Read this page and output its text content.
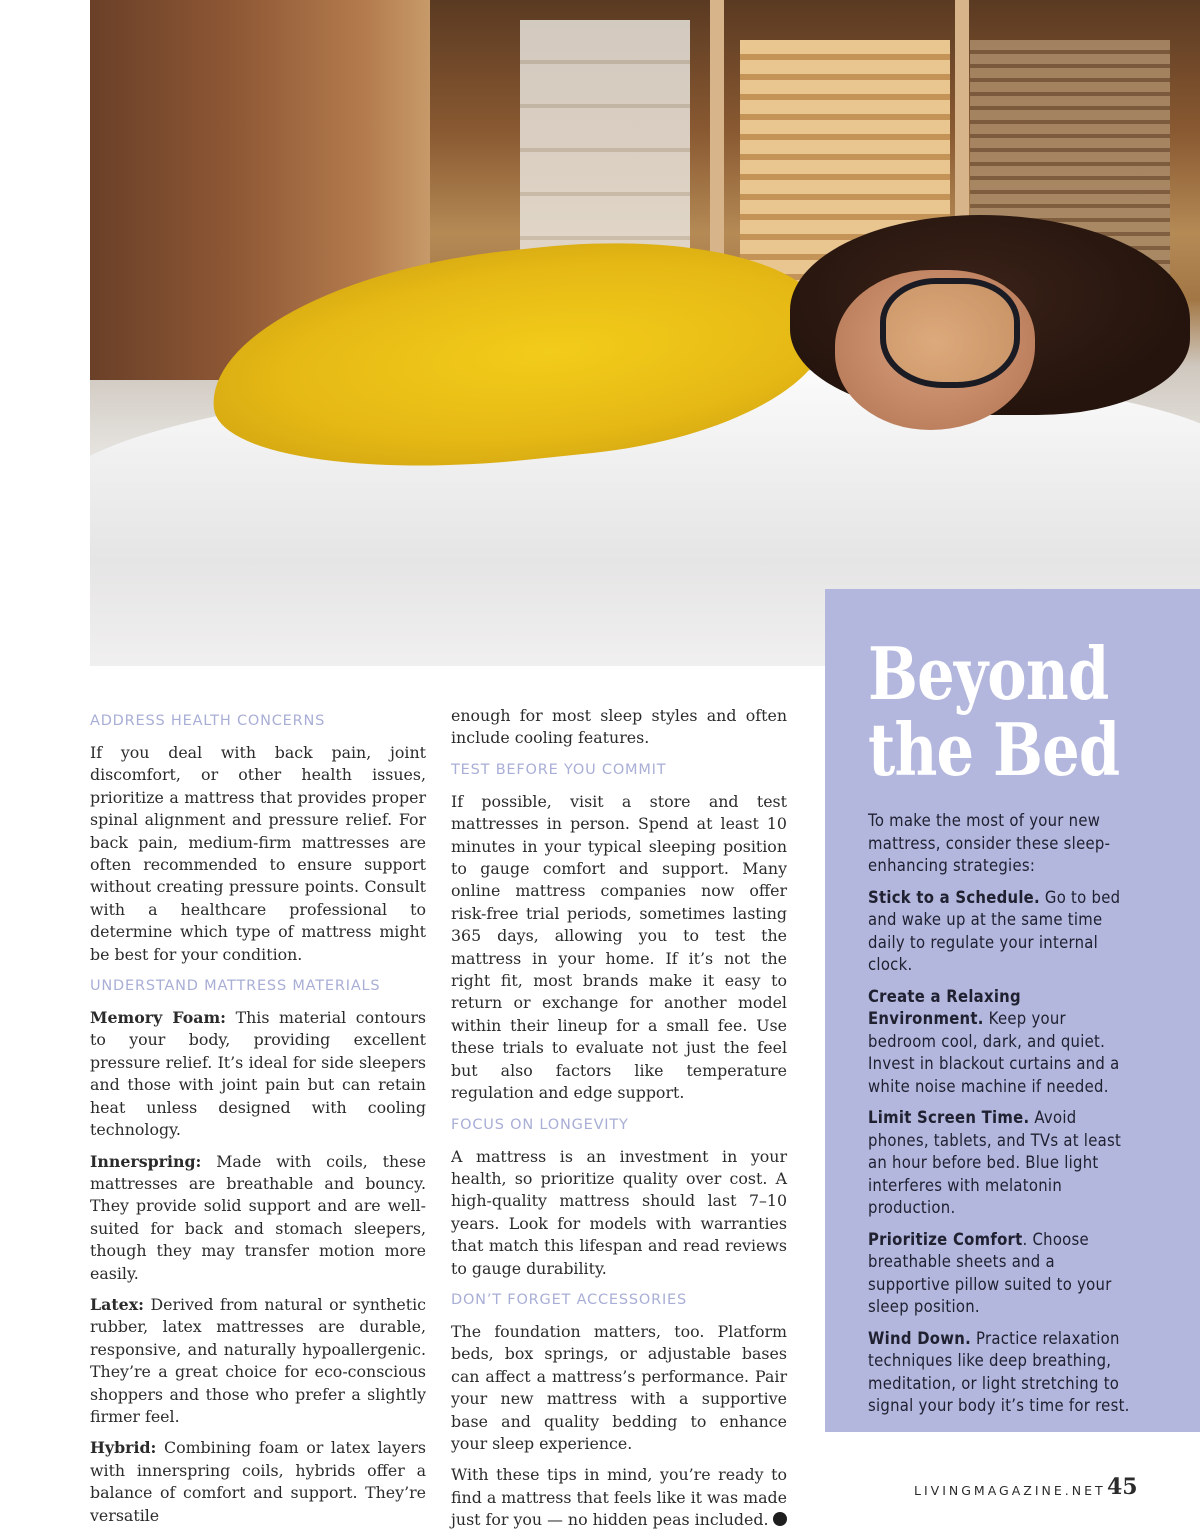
ADDRESS HEALTH CONCERNS

If you deal with back pain, joint discomfort, or other health issues, prioritize a mattress that provides proper spinal alignment and pressure relief. For back pain, medium-firm mattresses are often recommended to ensure support without creating pressure points. Consult with a healthcare professional to determine which type of mattress might be best for your condition.

UNDERSTAND MATTRESS MATERIALS

Memory Foam: This material contours to your body, providing excellent pressure relief. It’s ideal for side sleepers and those with joint pain but can retain heat unless designed with cooling technology.

Innerspring: Made with coils, these mattresses are breathable and bouncy. They provide solid support and are well-suited for back and stomach sleepers, though they may transfer motion more easily.

Latex: Derived from natural or synthetic rubber, latex mattresses are durable, responsive, and naturally hypoallergenic. They’re a great choice for eco-conscious shoppers and those who prefer a slightly firmer feel.

Hybrid: Combining foam or latex layers with innerspring coils, hybrids offer a balance of comfort and support. They’re versatile

enough for most sleep styles and often include cooling features.

TEST BEFORE YOU COMMIT

If possible, visit a store and test mattresses in person. Spend at least 10 minutes in your typical sleeping position to gauge comfort and support. Many online mattress companies now offer risk-free trial periods, sometimes lasting 365 days, allowing you to test the mattress in your home. If it’s not the right fit, most brands make it easy to return or exchange for another model within their lineup for a small fee. Use these trials to evaluate not just the feel but also factors like temperature regulation and edge support.

FOCUS ON LONGEVITY

A mattress is an investment in your health, so prioritize quality over cost. A high-quality mattress should last 7–10 years. Look for models with warranties that match this lifespan and read reviews to gauge durability.

DON’T FORGET ACCESSORIES

The foundation matters, too. Platform beds, box springs, or adjustable bases can affect a mattress’s performance. Pair your new mattress with a supportive base and quality bedding to enhance your sleep experience.

With these tips in mind, you’re ready to find a mattress that feels like it was made just for you — no hidden peas included.

Beyond
the Bed

To make the most of your new mattress, consider these sleep-enhancing strategies:

Stick to a Schedule. Go to bed and wake up at the same time daily to regulate your internal clock.

Create a Relaxing Environment. Keep your bedroom cool, dark, and quiet. Invest in blackout curtains and a white noise machine if needed.

Limit Screen Time. Avoid phones, tablets, and TVs at least an hour before bed. Blue light interferes with melatonin production.

Prioritize Comfort. Choose breathable sheets and a supportive pillow suited to your sleep position.

Wind Down. Practice relaxation techniques like deep breathing, meditation, or light stretching to signal your body it’s time for rest.

LIVINGMAGAZINE.NET 45
